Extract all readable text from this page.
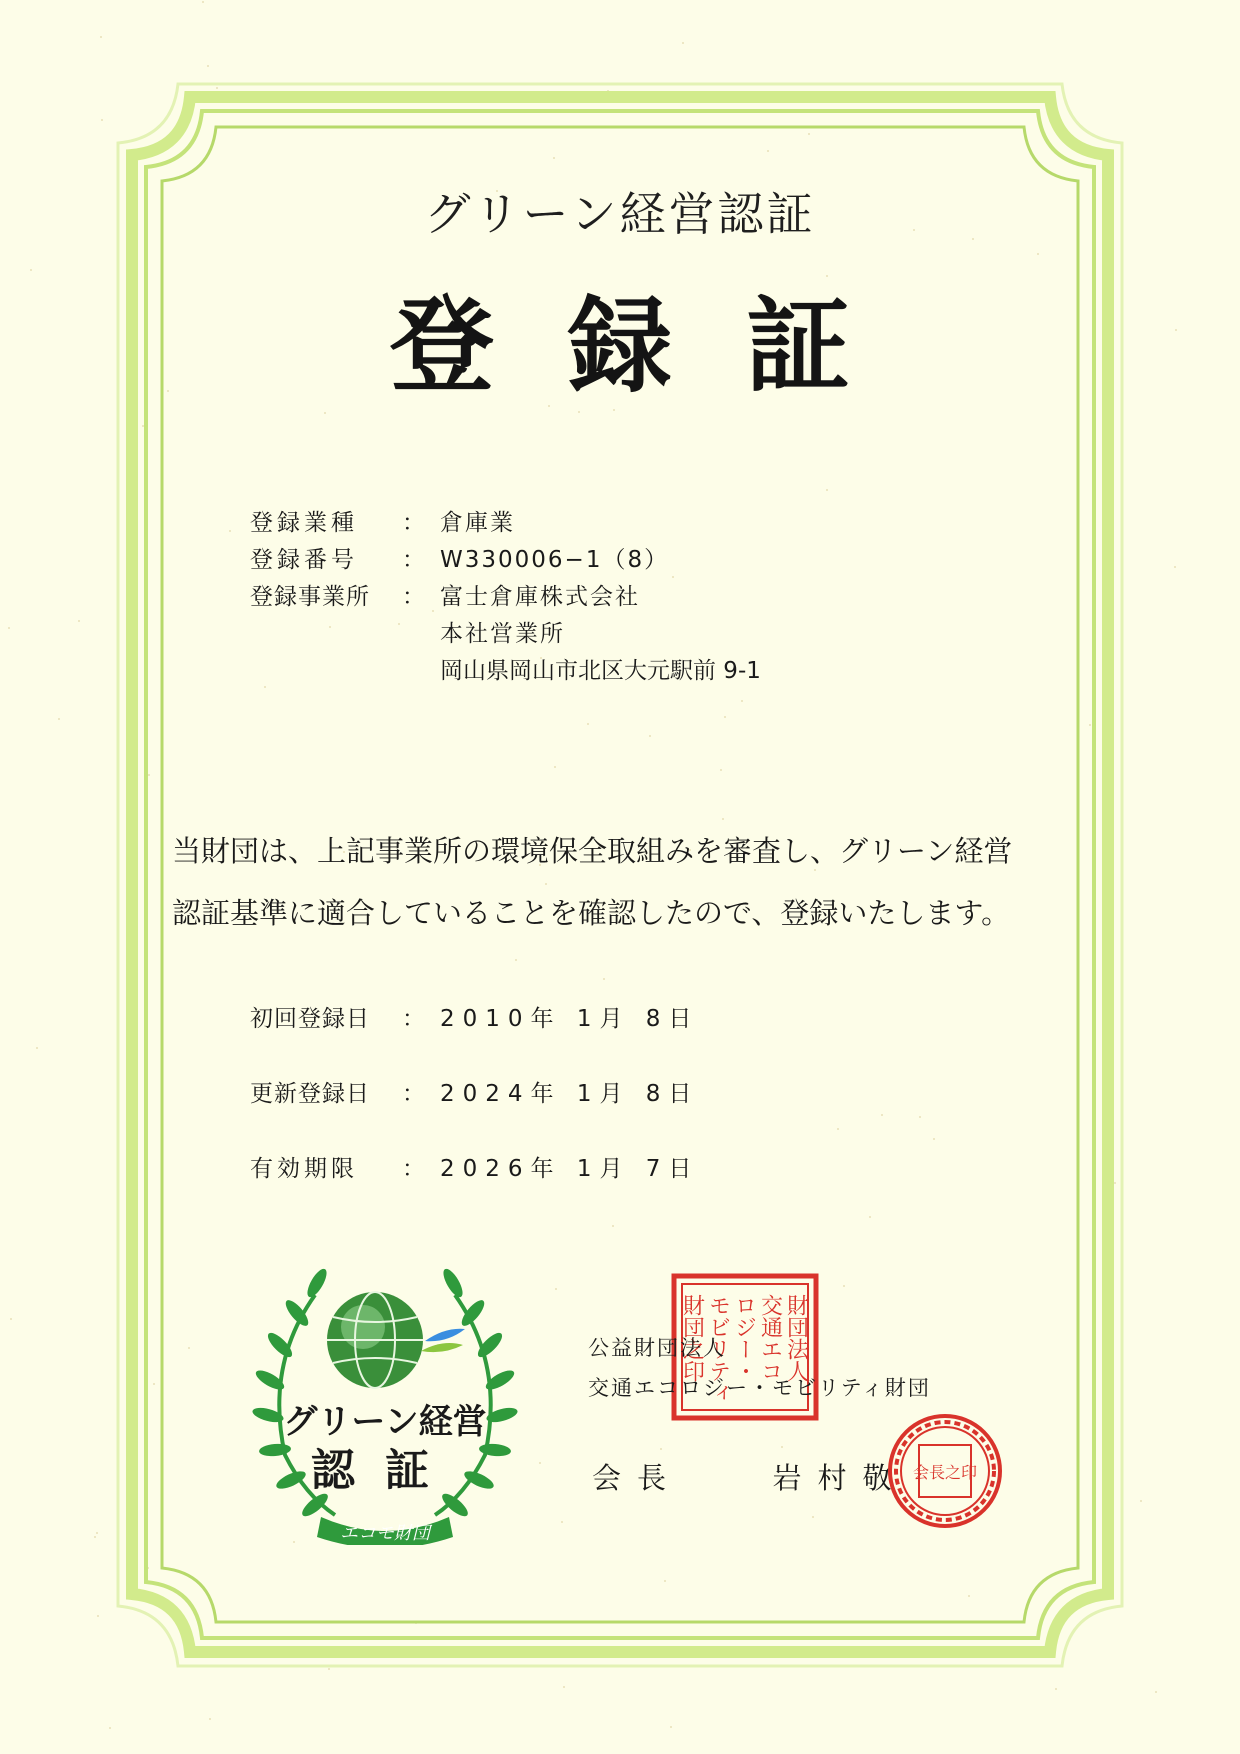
グリーン経営認証
登録証
登録業種 ： 倉庫業
登録番号 ： W330006−1（8）
登録事業所 ： 富士倉庫株式会社
本社営業所
岡山県岡山市北区大元駅前 9-1
当財団は、上記事業所の環境保全取組みを審査し、グリーン経営
認証基準に適合していることを確認したので、登録いたします。
初回登録日 ： 2010年 1月 8日
更新登録日 ： 2024年 1月 8日
有効期限 ： 2026年 1月 7日
グリーン経営
認証
エコモ財団
財団法人
交通エコ
ロジー・
モビリティ
財団之印
公益財団法人
交通エコロジー・モビリティ財団
会長	岩村敬 会長之印
